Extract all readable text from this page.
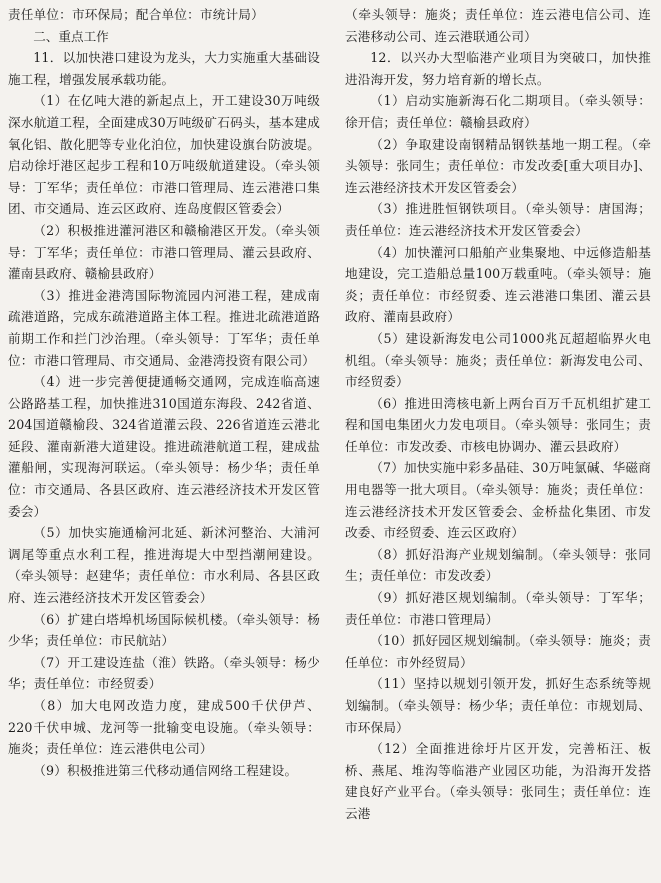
责任单位：市环保局；配合单位：市统计局）

二、重点工作

11．以加快港口建设为龙头，大力实施重大基础设施工程，增强发展承载功能。

（1）在亿吨大港的新起点上，开工建设30万吨级深水航道工程，全面建成30万吨级矿石码头，基本建成氧化铝、散化肥等专业化泊位，加快建设旗台防波堤。启动徐圩港区起步工程和10万吨级航道建设。（牵头领导：丁军华；责任单位：市港口管理局、连云港港口集团、市交通局、连云区政府、连岛度假区管委会）

（2）积极推进灌河港区和赣榆港区开发。（牵头领导：丁军华；责任单位：市港口管理局、灌云县政府、灌南县政府、赣榆县政府）

（3）推进金港湾国际物流园内河港工程，建成南疏港道路，完成东疏港道路主体工程。推进北疏港道路前期工作和拦门沙治理。（牵头领导：丁军华；责任单位：市港口管理局、市交通局、金港湾投资有限公司）

（4）进一步完善便捷通畅交通网，完成连临高速公路路基工程，加快推进310国道东海段、242省道、204国道赣榆段、324省道灌云段、226省道连云港北延段、灌南新港大道建设。推进疏港航道工程，建成盐灌船闸，实现海河联运。（牵头领导：杨少华；责任单位：市交通局、各县区政府、连云港经济技术开发区管委会）

（5）加快实施通榆河北延、新沭河整治、大浦河调尾等重点水利工程，推进海堤大中型挡潮闸建设。（牵头领导：赵建华；责任单位：市水利局、各县区政府、连云港经济技术开发区管委会）

（6）扩建白塔埠机场国际候机楼。（牵头领导：杨少华；责任单位：市民航站）

（7）开工建设连盐（淮）铁路。（牵头领导：杨少华；责任单位：市经贸委）

（8）加大电网改造力度，建成500千伏伊芦、220千伏申城、龙河等一批输变电设施。（牵头领导：施炎；责任单位：连云港供电公司）

（9）积极推进第三代移动通信网络工程建设。

（牵头领导：施炎；责任单位：连云港电信公司、连云港移动公司、连云港联通公司）

12．以兴办大型临港产业项目为突破口，加快推进沿海开发，努力培育新的增长点。

（1）启动实施新海石化二期项目。（牵头领导：徐开信；责任单位：赣榆县政府）

（2）争取建设南钢精品钢铁基地一期工程。（牵头领导：张同生；责任单位：市发改委[重大项目办]、连云港经济技术开发区管委会）

（3）推进胜恒钢铁项目。（牵头领导：唐国海；责任单位：连云港经济技术开发区管委会）

（4）加快灌河口船舶产业集聚地、中远修造船基地建设，完工造船总量100万载重吨。（牵头领导：施炎；责任单位：市经贸委、连云港港口集团、灌云县政府、灌南县政府）

（5）建设新海发电公司1000兆瓦超超临界火电机组。（牵头领导：施炎；责任单位：新海发电公司、市经贸委）

（6）推进田湾核电新上两台百万千瓦机组扩建工程和国电集团火力发电项目。（牵头领导：张同生；责任单位：市发改委、市核电协调办、灌云县政府）

（7）加快实施中彩多晶硅、30万吨氯碱、华磁商用电器等一批大项目。（牵头领导：施炎；责任单位：连云港经济技术开发区管委会、金桥盐化集团、市发改委、市经贸委、连云区政府）

（8）抓好沿海产业规划编制。（牵头领导：张同生；责任单位：市发改委）

（9）抓好港区规划编制。（牵头领导：丁军华；责任单位：市港口管理局）

（10）抓好园区规划编制。（牵头领导：施炎；责任单位：市外经贸局）

（11）坚持以规划引领开发，抓好生态系统等规划编制。（牵头领导：杨少华；责任单位：市规划局、市环保局）

（12）全面推进徐圩片区开发，完善柘汪、板桥、燕尾、堆沟等临港产业园区功能，为沿海开发搭建良好产业平台。（牵头领导：张同生；责任单位：连云港
